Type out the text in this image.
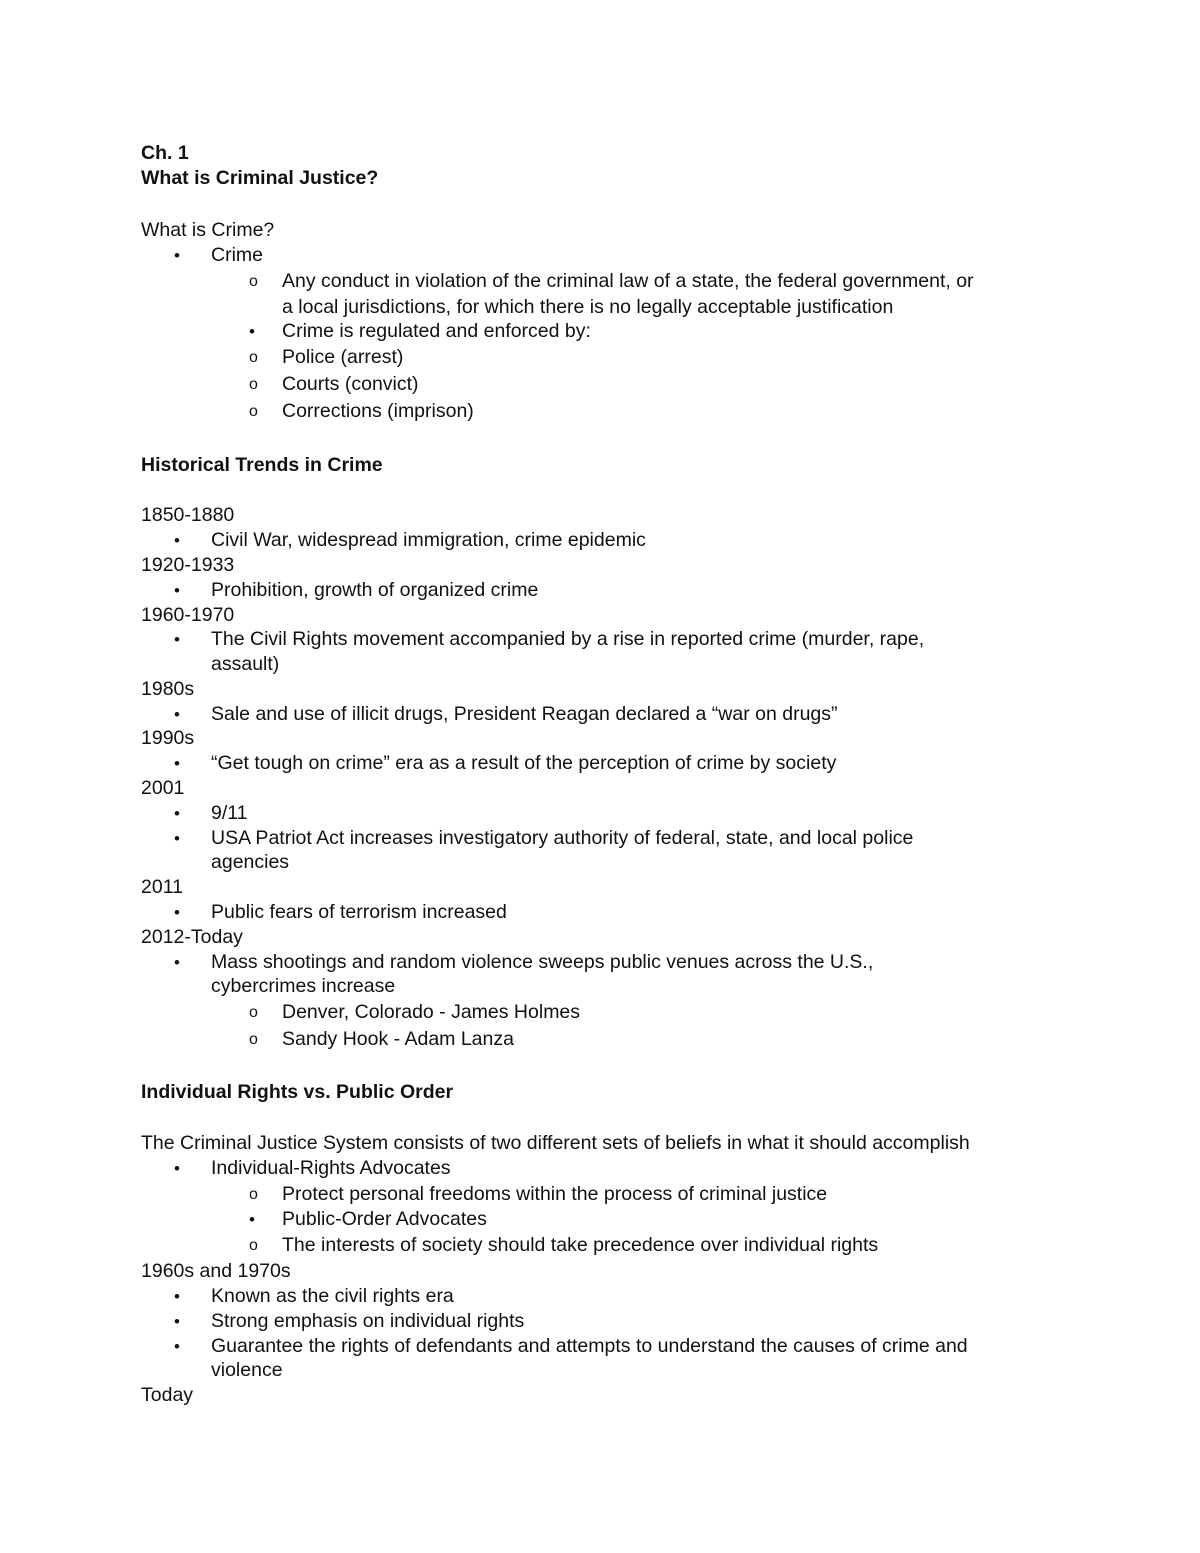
Ch. 1
What is Criminal Justice?
What is Crime?
• Crime
o Any conduct in violation of the criminal law of a state, the federal government, or
a local jurisdictions, for which there is no legally acceptable justification
• Crime is regulated and enforced by:
o Police (arrest)
o Courts (convict)
o Corrections (imprison)
Historical Trends in Crime
1850-1880
• Civil War, widespread immigration, crime epidemic
1920-1933
• Prohibition, growth of organized crime
1960-1970
• The Civil Rights movement accompanied by a rise in reported crime (murder, rape,
assault)
1980s
• Sale and use of illicit drugs, President Reagan declared a “war on drugs”
1990s
• “Get tough on crime” era as a result of the perception of crime by society
2001
• 9/11
• USA Patriot Act increases investigatory authority of federal, state, and local police
agencies
2011
• Public fears of terrorism increased
2012-Today
• Mass shootings and random violence sweeps public venues across the U.S.,
cybercrimes increase
o Denver, Colorado - James Holmes
o Sandy Hook - Adam Lanza
Individual Rights vs. Public Order
The Criminal Justice System consists of two different sets of beliefs in what it should accomplish
• Individual-Rights Advocates
o Protect personal freedoms within the process of criminal justice
• Public-Order Advocates
o The interests of society should take precedence over individual rights
1960s and 1970s
• Known as the civil rights era
• Strong emphasis on individual rights
• Guarantee the rights of defendants and attempts to understand the causes of crime and
violence
Today
